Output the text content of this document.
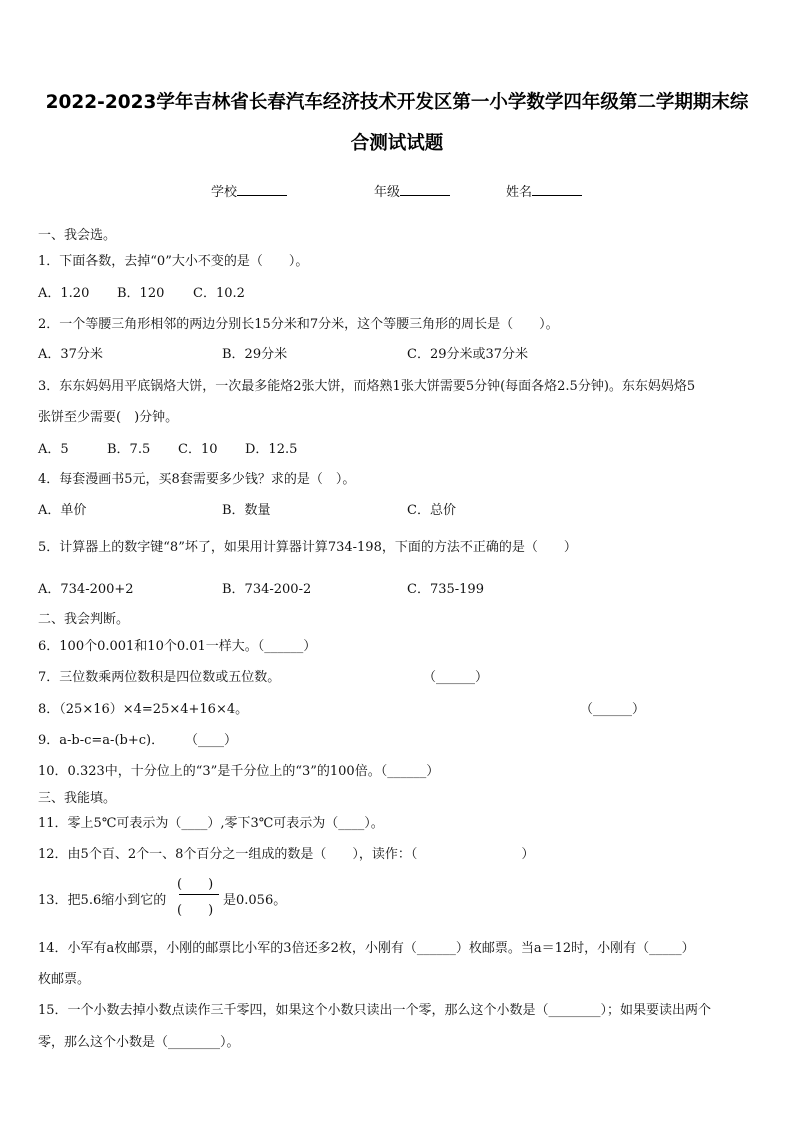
2022-2023学年吉林省长春汽车经济技术开发区第一小学数学四年级第二学期期末综
合测试试题
学校	年级	姓名
一、我会选。
1．下面各数，去掉“0”大小不变的是（　　）。
A．1.20 B．120 C．10.2
2．一个等腰三角形相邻的两边分别长15分米和7分米，这个等腰三角形的周长是（　　）。
A．37分米	B．29分米	C．29分米或37分米
3．东东妈妈用平底锅烙大饼，一次最多能烙2张大饼，而烙熟1张大饼需要5分钟(每面各烙2.5分钟)。东东妈妈烙5
张饼至少需要(　)分钟。
A．5	B．7.5 C．10 D．12.5
4．每套漫画书5元，买8套需要多少钱？求的是（　）。
A．单价	B．数量	C．总价
5．计算器上的数字键“8”坏了，如果用计算器计算734-198，下面的方法不正确的是（　　）
A．734-200+2	B．734-200-2	C．735-199
二、我会判断。
6．100个0.001和10个0.01一样大。（______）
7．三位数乘两位数积是四位数或五位数。	（______）
8．（25×16）×4=25×4+16×4。	（______）
9．a-b-c=a-(b+c)． （____）
10．0.323中，十分位上的“3”是千分位上的“3”的100倍。（______）
三、我能填。
11．零上5℃可表示为（____）,零下3℃可表示为（____）。
12．由5个百、2个一、8个百分之一组成的数是（　　），读作：（　　　　　　　　）
13．把5.6缩小到它的
(　　)
(　　)
是0.056。
14．小军有a枚邮票，小刚的邮票比小军的3倍还多2枚，小刚有（______）枚邮票。当a＝12时，小刚有（_____）
枚邮票。
15．一个小数去掉小数点读作三千零四，如果这个小数只读出一个零，那么这个小数是（________）；如果要读出两个
零，那么这个小数是（________）。
